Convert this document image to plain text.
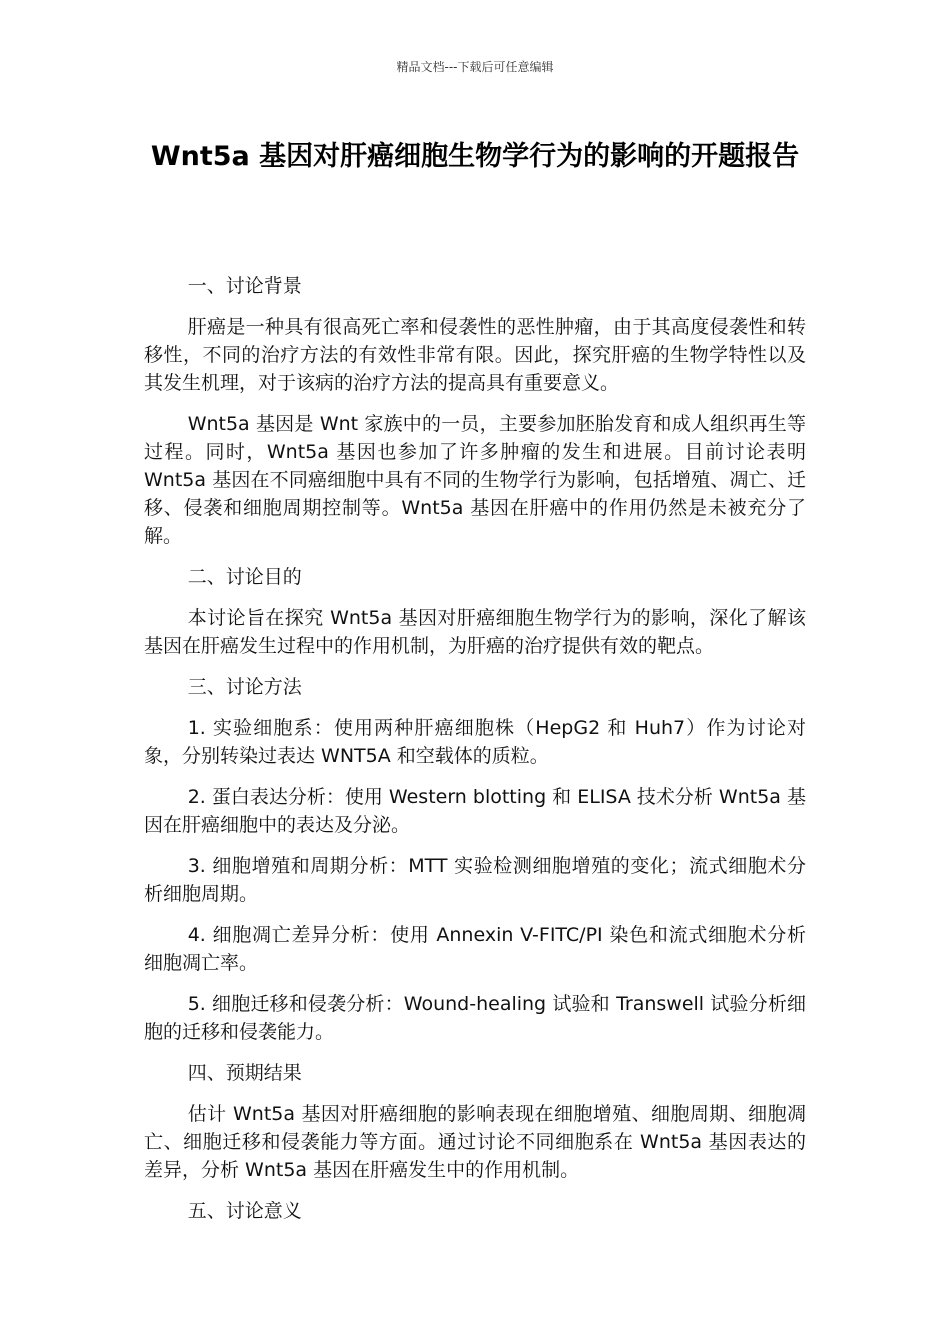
精品文档---下载后可任意编辑
Wnt5a 基因对肝癌细胞生物学行为的影响的开题报告

一、讨论背景

肝癌是一种具有很高死亡率和侵袭性的恶性肿瘤，由于其高度侵袭性和转移性，不同的治疗方法的有效性非常有限。因此，探究肝癌的生物学特性以及其发生机理，对于该病的治疗方法的提高具有重要意义。

Wnt5a 基因是 Wnt 家族中的一员，主要参加胚胎发育和成人组织再生等过程。同时，Wnt5a 基因也参加了许多肿瘤的发生和进展。目前讨论表明 Wnt5a 基因在不同癌细胞中具有不同的生物学行为影响，包括增殖、凋亡、迁移、侵袭和细胞周期控制等。Wnt5a 基因在肝癌中的作用仍然是未被充分了解。

二、讨论目的

本讨论旨在探究 Wnt5a 基因对肝癌细胞生物学行为的影响，深化了解该基因在肝癌发生过程中的作用机制，为肝癌的治疗提供有效的靶点。

三、讨论方法

1. 实验细胞系：使用两种肝癌细胞株（HepG2 和 Huh7）作为讨论对象，分别转染过表达 WNT5A 和空载体的质粒。

2. 蛋白表达分析：使用 Western blotting 和 ELISA 技术分析 Wnt5a 基因在肝癌细胞中的表达及分泌。

3. 细胞增殖和周期分析：MTT 实验检测细胞增殖的变化；流式细胞术分析细胞周期。

4. 细胞凋亡差异分析：使用 Annexin V-FITC/PI 染色和流式细胞术分析细胞凋亡率。

5. 细胞迁移和侵袭分析：Wound-healing 试验和 Transwell 试验分析细胞的迁移和侵袭能力。

四、预期结果

估计 Wnt5a 基因对肝癌细胞的影响表现在细胞增殖、细胞周期、细胞凋亡、细胞迁移和侵袭能力等方面。通过讨论不同细胞系在 Wnt5a 基因表达的差异，分析 Wnt5a 基因在肝癌发生中的作用机制。

五、讨论意义
